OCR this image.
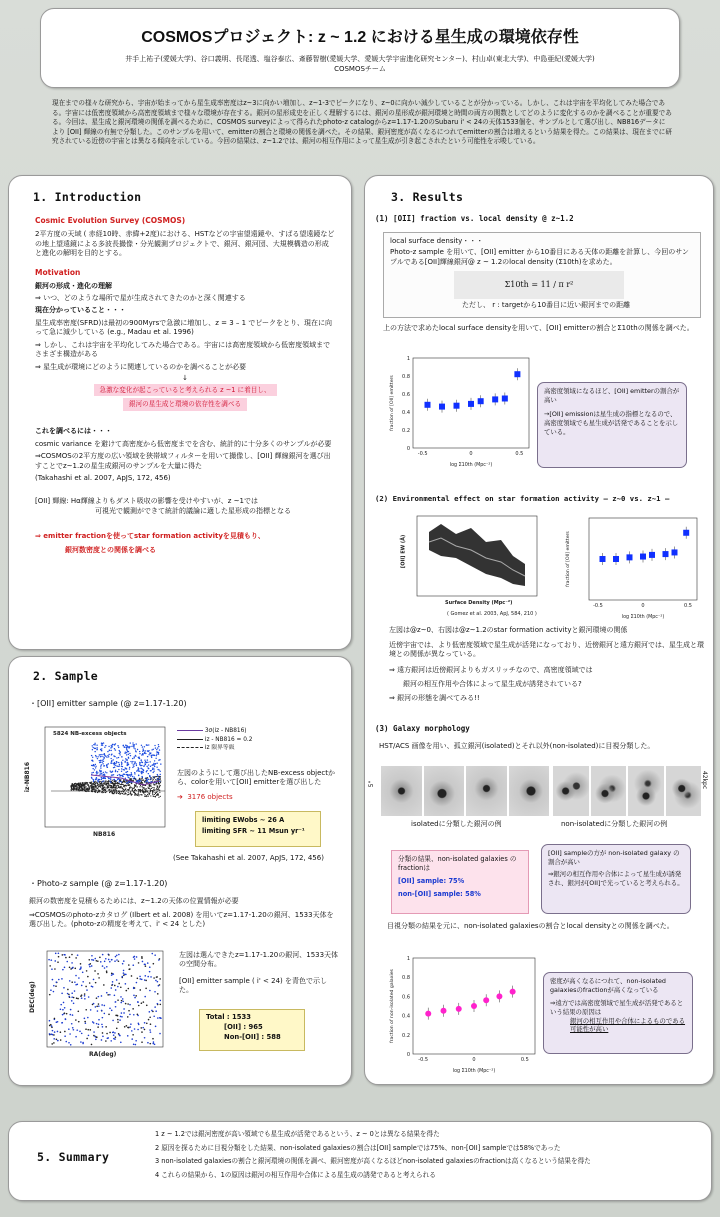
COSMOSプロジェクト: z ~ 1.2 における星生成の環境依存性
井手上祐子(愛媛大学)、谷口義明、長尾透、塩谷泰広、斎藤智樹(愛媛大学、愛媛大学宇宙進化研究センター)、村山卓(東北大学)、中島亜紀(愛媛大学)
COSMOSチーム
現在までの様々な研究から、宇宙が始まってから星生成率密度はz~3に向かい増加し、z~1-3でピークになり、z~0に向かい減少していることが分かっている。しかし、これは宇宙を平均化してみた場合である。宇宙には低密度領域から高密度領域まで様々な環境が存在する。銀河の星形成史を正しく理解するには、銀河の星形成が銀河環境と時間の両方の関数としてどのように変化するのかを調べることが重要である。今回は、星生成と銀河環境の関係を調べるために、COSMOS surveyによって得られたphoto-z catalogからz=1.17-1.20のSubaru i' < 24の天体1533個を、サンプルとして選び出し、NB816データにより [OII] 輝線の有無で分類した。このサンプルを用いて、emitterの割合と環境の関係を調べた。その結果、銀河密度が高くなるにつれてemitterの割合は増えるという結果を得た。この結果は、現在までに研究されている近傍の宇宙とは異なる傾向を示している。今回の結果は、z~1.2では、銀河の相互作用によって星生成が引き起こされたという可能性を示唆している。
1. Introduction
Cosmic Evolution Survey (COSMOS)
2平方度の天域 ( 赤経10時、赤緯+2度)における、HSTなどの宇宙望遠鏡や、すばる望遠鏡などの地上望遠鏡による多波長撮像・分光観測プロジェクトで、銀河、銀河団、大規模構造の形成と進化の解明を目的とする。
Motivation
銀河の形成・進化の理解
⇒ いつ、どのような場所で星が生成されてきたのかと深く関連する
現在分かっていること・・・
星生成率密度(SFRD)は最初の900Myrsで急激に増加し、z = 3 – 1 でピークをとり、現在に向って急に減少している (e.g., Madau et al. 1996)
⇒ しかし、これは宇宙を平均化してみた場合である。宇宙には高密度領域から低密度領域までさまざま構造がある
⇒ 星生成が環境にどのように関連しているのかを調べることが必要
↓
急激な変化が起こっていると考えられる z ~1 に着目し、
銀河の星生成と環境の依存性を調べる
これを調べるには・・・
cosmic variance を避けて高密度から低密度までを含む、統計的に十分多くのサンプルが必要
⇒COSMOSの2平方度の広い領域を狭帯域フィルターを用いて撮像し、[OII] 輝線銀河を選び出すことでz~1.2の星生成銀河のサンプルを大量に得た
(Takahashi et al. 2007, ApJS, 172, 456)
[OII] 輝線: Hα輝線よりもダスト吸収の影響を受けやすいが、z ~1では
可視光で観測ができて統計的議論に適した星形成の指標となる
⇒ emitter fractionを使ってstar formation activityを見積もり、
銀河数密度との関係を調べる
2. Sample
・[OII] emitter sample (@ z=1.17-1.20)
5824 NB-excess objects
NB816
iz-NB816
3σ(iz - NB816)
iz - NB816 = 0.2
iz 限界等級
左図のようにして選び出したNB-excess objectから、colorを用いて[OII] emitterを選び出した
➔  3176 objects
limiting EWobs ~ 26 A
limiting SFR ~ 11 Msun yr⁻¹
(See Takahashi et al. 2007, ApJS, 172, 456)
・Photo-z sample (@ z=1.17-1.20)
銀河の数密度を見積もるためには、z~1.2の天体の位置情報が必要
⇒COSMOSのphoto-zカタログ (Ilbert et al. 2008) を用いてz=1.17-1.20の銀河、1533天体を選び出した。(photo-zの精度を考えて、i' < 24 とした)
RA(deg)
DEC(deg)
左図は選んできたz=1.17-1.20の銀河、1533天体の空間分布。
[OII] emitter sample ( i' < 24) を青色で示した。
Total : 1533
[OII] : 965
Non-[OII] : 588
3. Results
(1) [OII] fraction vs. local density @ z~1.2
local surface density・・・
Photo-z sample を用いて、[OII] emitter から10番目にある天体の距離を計算し、今回のサンプルである[OII]輝線銀河@ z ~ 1.2のlocal density (Σ10th)を求めた。
Σ10th = 11 / π r²
ただし、 r : targetから10番目に近い銀河までの距離
上の方法で求めたlocal surface densityを用いて、[OII] emitterの割合とΣ10thの関係を調べた。
-0.5	0	0.5
0
0.2
0.4
0.6
0.8
1
log Σ10th (Mpc⁻²)
fraction of [OII] emitters	高密度領域になるほど、[OII] emitterの割合が高い
→[OII] emissionは星生成の指標となるので、高密度領域でも星生成が活発であることを示している。
(2) Environmental effect on star formation activity – z~0 vs. z~1 –
Surface Density (Mpc⁻²)
[OII] EW (Å)
( Gomez et al. 2003, ApJ, 584, 210 )
-0.5	0	0.5
log Σ10th (Mpc⁻²)
fraction of [OII] emitters
左図は@z~0、右図は@z~1.2のstar formation activityと銀河環境の関係
近傍宇宙では、より低密度領域で星生成が活発になっており、近傍銀河と遠方銀河では、星生成と環境との関係が異なっている。
⇒ 遠方銀河は近傍銀河よりもガスリッチなので、高密度領域では
銀河の相互作用や合体によって星生成が誘発されている?
⇒ 銀河の形態を調べてみる!!
(3) Galaxy morphology
HST/ACS 画像を用い、孤立銀河(isolated)とそれ以外(non-isolated)に目視分類した。
5"	42kpc
isolatedに分類した銀河の例	non-isolatedに分類した銀河の例
分類の結果、non-isolated galaxies の fractionは
[OII] sample: 75%
non-[OII] sample: 58%
[OII] sampleの方が non-isolated galaxy の割合が高い
⇒銀河の相互作用や合体によって星生成が誘発され、銀河が[OII]で光っていると考えられる。
目視分類の結果を元に、non-isolated galaxiesの割合とlocal densityとの関係を調べた。
-0.5	0	0.5
0
0.2
0.4
0.6
0.8
1
log Σ10th (Mpc⁻²)
fraction of non-isolated galaxies	密度が高くなるにつれて、non-isolated galaxiesのfractionが高くなっている
⇒遠方では高密度領域で星生成が活発であるという結果の原因は
銀河の相互作用や合体によるものである可能性が高い
5. Summary
1 z ~ 1.2では銀河密度が高い領域でも星生成が活発であるという、z ~ 0とは異なる結果を得た
2 原因を探るために目視分類をした結果、non-isolated galaxiesの割合は[OII] sampleでは75%、non-[OII] sampleでは58%であった
3 non-isolated galaxiesの割合と銀河環境の関係を調べ、銀河密度が高くなるほどnon-isolated galaxiesのfractionは高くなるという結果を得た
4 これらの結果から、1の原因は銀河の相互作用や合体による星生成の誘発であると考えられる
